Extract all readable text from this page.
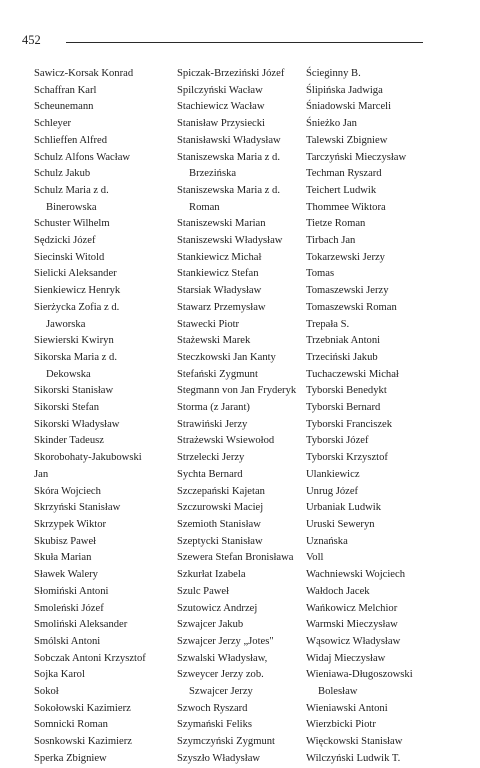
452
Sawicz-Korsak Konrad
Schaffran Karl
Scheunemann
Schleyer
Schlieffen Alfred
Schulz Alfons Wacław
Schulz Jakub
Schulz Maria z d.
Binerowska
Schuster Wilhelm
Sędzicki Józef
Siecinski Witold
Sielicki Aleksander
Sienkiewicz Henryk
Sierżycka Zofia z d.
Jaworska
Siewierski Kwiryn
Sikorska Maria z d.
Dekowska
Sikorski Stanisław
Sikorski Stefan
Sikorski Władysław
Skinder Tadeusz
Skorobohaty-Jakubowski
Jan
Skóra Wojciech
Skrzyński Stanisław
Skrzypek Wiktor
Skubisz Paweł
Skuła Marian
Sławek Walery
Słomiński Antoni
Smoleński Józef
Smoliński Aleksander
Smólski Antoni
Sobczak Antoni Krzysztof
Sojka Karol
Sokoł
Sokołowski Kazimierz
Somnicki Roman
Sosnkowski Kazimierz
Sperka Zbigniew
Spiczak-Brzeziński Józef
Spilczyński Wacław
Stachiewicz Wacław
Stanisław Przysiecki
Stanisławski Władysław
Staniszewska Maria z d.
Brzezińska
Staniszewska Maria z d.
Roman
Staniszewski Marian
Staniszewski Władysław
Stankiewicz Michał
Stankiewicz Stefan
Starsiak Władysław
Stawarz Przemysław
Stawecki Piotr
Stażewski Marek
Steczkowski Jan Kanty
Stefański Zygmunt
Stegmann von Jan Fryderyk
Storma (z Jarant)
Strawiński Jerzy
Strażewski Wsiewołod
Strzelecki Jerzy
Sychta Bernard
Szczepański Kajetan
Szczurowski Maciej
Szemioth Stanisław
Szeptycki Stanisław
Szewera Stefan Bronisława
Szkurłat Izabela
Szulc Paweł
Szutowicz Andrzej
Szwajcer Jakub
Szwajcer Jerzy „Jotes"
Szwalski Władysław,
Szweycer Jerzy zob.
Szwajcer Jerzy
Szwoch Ryszard
Szymański Feliks
Szymczyński Zygmunt
Szyszło Władysław
Ścieginny B.
Ślipińska Jadwiga
Śniadowski Marceli
Śnieżko Jan
Talewski Zbigniew
Tarczyński Mieczysław
Techman Ryszard
Teichert Ludwik
Thommee Wiktora
Tietze Roman
Tirbach Jan
Tokarzewski Jerzy
Tomas
Tomaszewski Jerzy
Tomaszewski Roman
Trepała S.
Trzebniak Antoni
Trzeciński Jakub
Tuchaczewski Michał
Tyborski Benedykt
Tyborski Bernard
Tyborski Franciszek
Tyborski Józef
Tyborski Krzysztof
Ulankiewicz
Unrug Józef
Urbaniak Ludwik
Uruski Seweryn
Uznańska
Voll
Wachniewski Wojciech
Wałdoch Jacek
Wańkowicz Melchior
Warmski Mieczysław
Wąsowicz Władysław
Widaj Mieczysław
Wieniawa-Długoszowski
Bolesław
Wieniawski Antoni
Wierzbicki Piotr
Więckowski Stanisław
Wilczyński Ludwik T.
